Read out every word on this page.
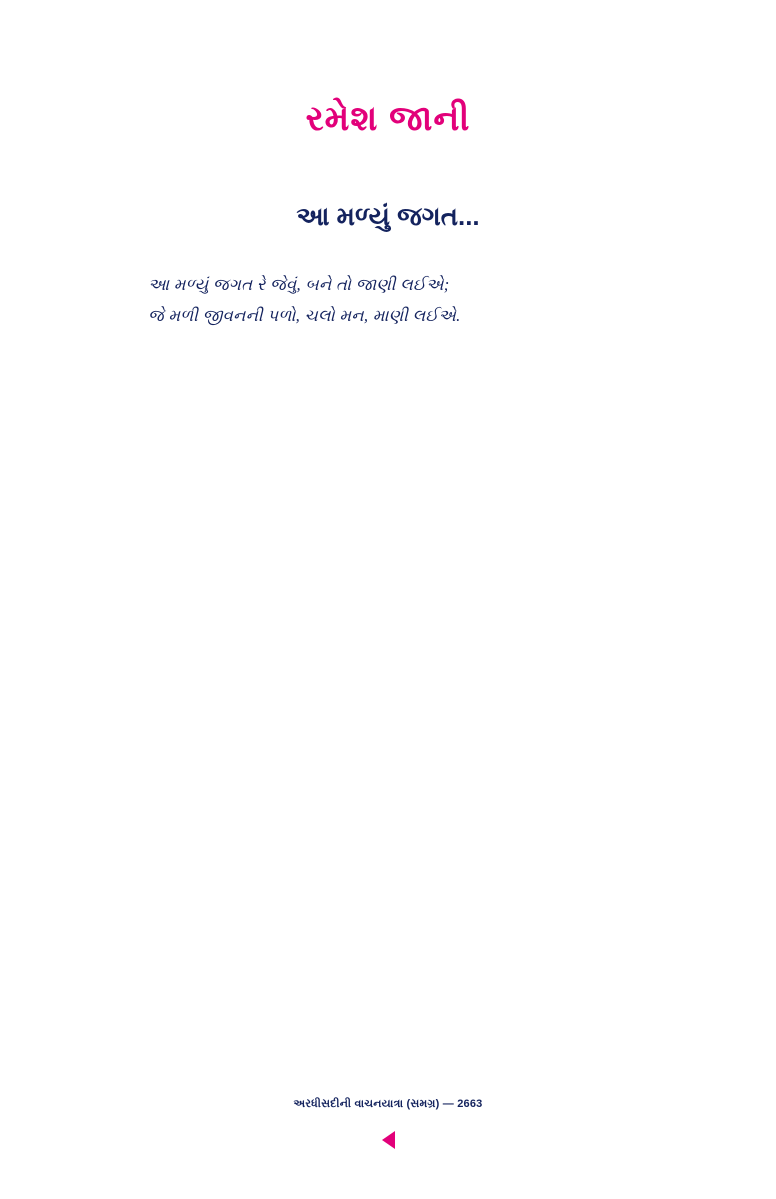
રમેશ જાની
આ મળ્યું જગત...
આ મળ્યું જગત રે જેવું, બને તો જાણી લઈએ;
જે મળી જીવનની પળો, ચલો મન, માણી લઈએ.
અરધીસદીની વાચનયાત્રા (સમગ્ર) — 2663
